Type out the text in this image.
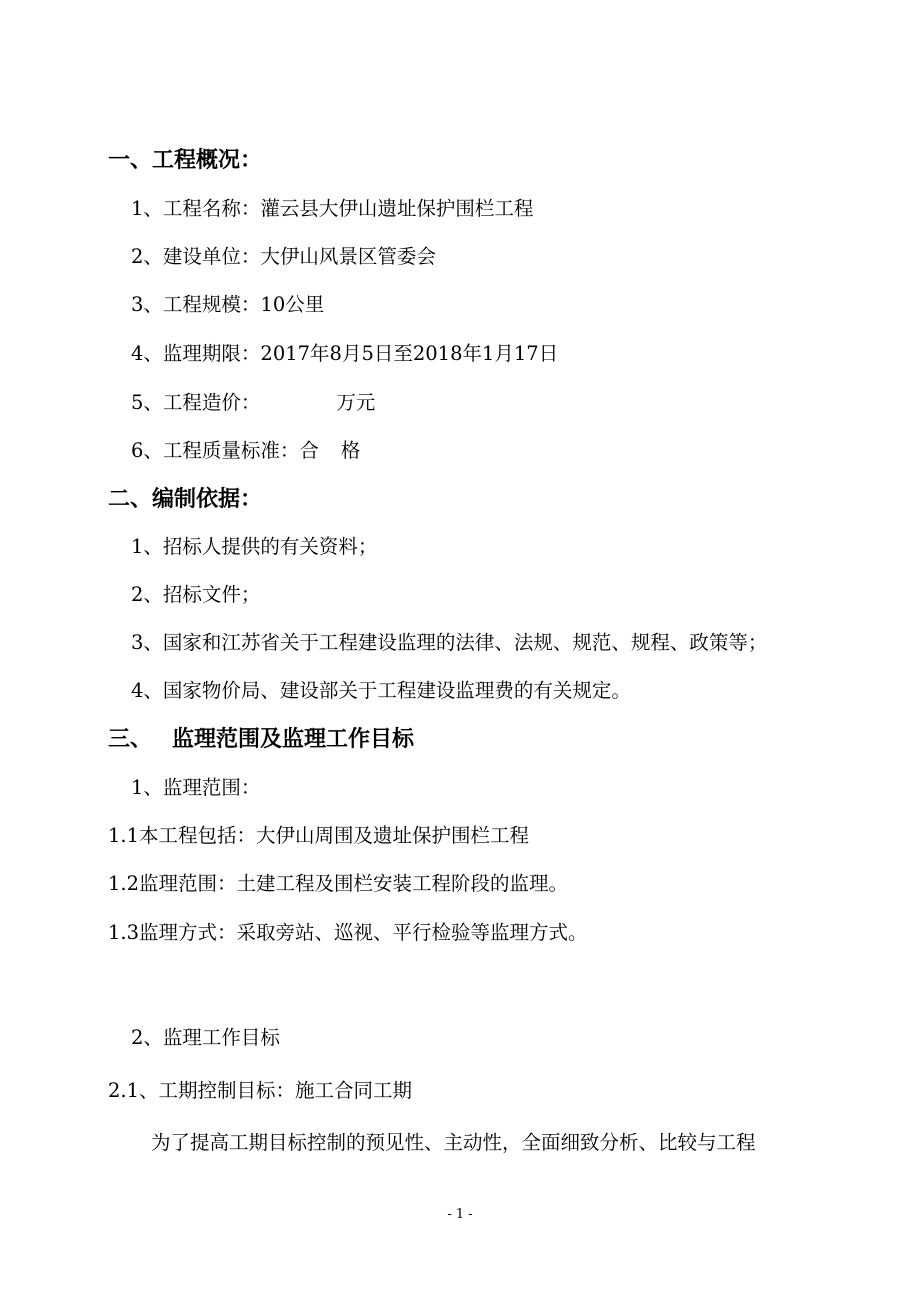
一、工程概况：
1、工程名称：灌云县大伊山遗址保护围栏工程
2、建设单位：大伊山风景区管委会
3、工程规模：10公里
4、监理期限：2017年8月5日至2018年1月17日
5、工程造价：	万元
6、工程质量标准：合 格
二、编制依据：
1、招标人提供的有关资料；
2、招标文件；
3、国家和江苏省关于工程建设监理的法律、法规、规范、规程、政策等；
4、国家物价局、建设部关于工程建设监理费的有关规定。
三、 监理范围及监理工作目标
1、监理范围：
1.1本工程包括：大伊山周围及遗址保护围栏工程
1.2监理范围：土建工程及围栏安装工程阶段的监理。
1.3监理方式：采取旁站、巡视、平行检验等监理方式。
2、监理工作目标
2.1、工期控制目标：施工合同工期
为了提高工期目标控制的预见性、主动性，全面细致分析、比较与工程
- 1 -
